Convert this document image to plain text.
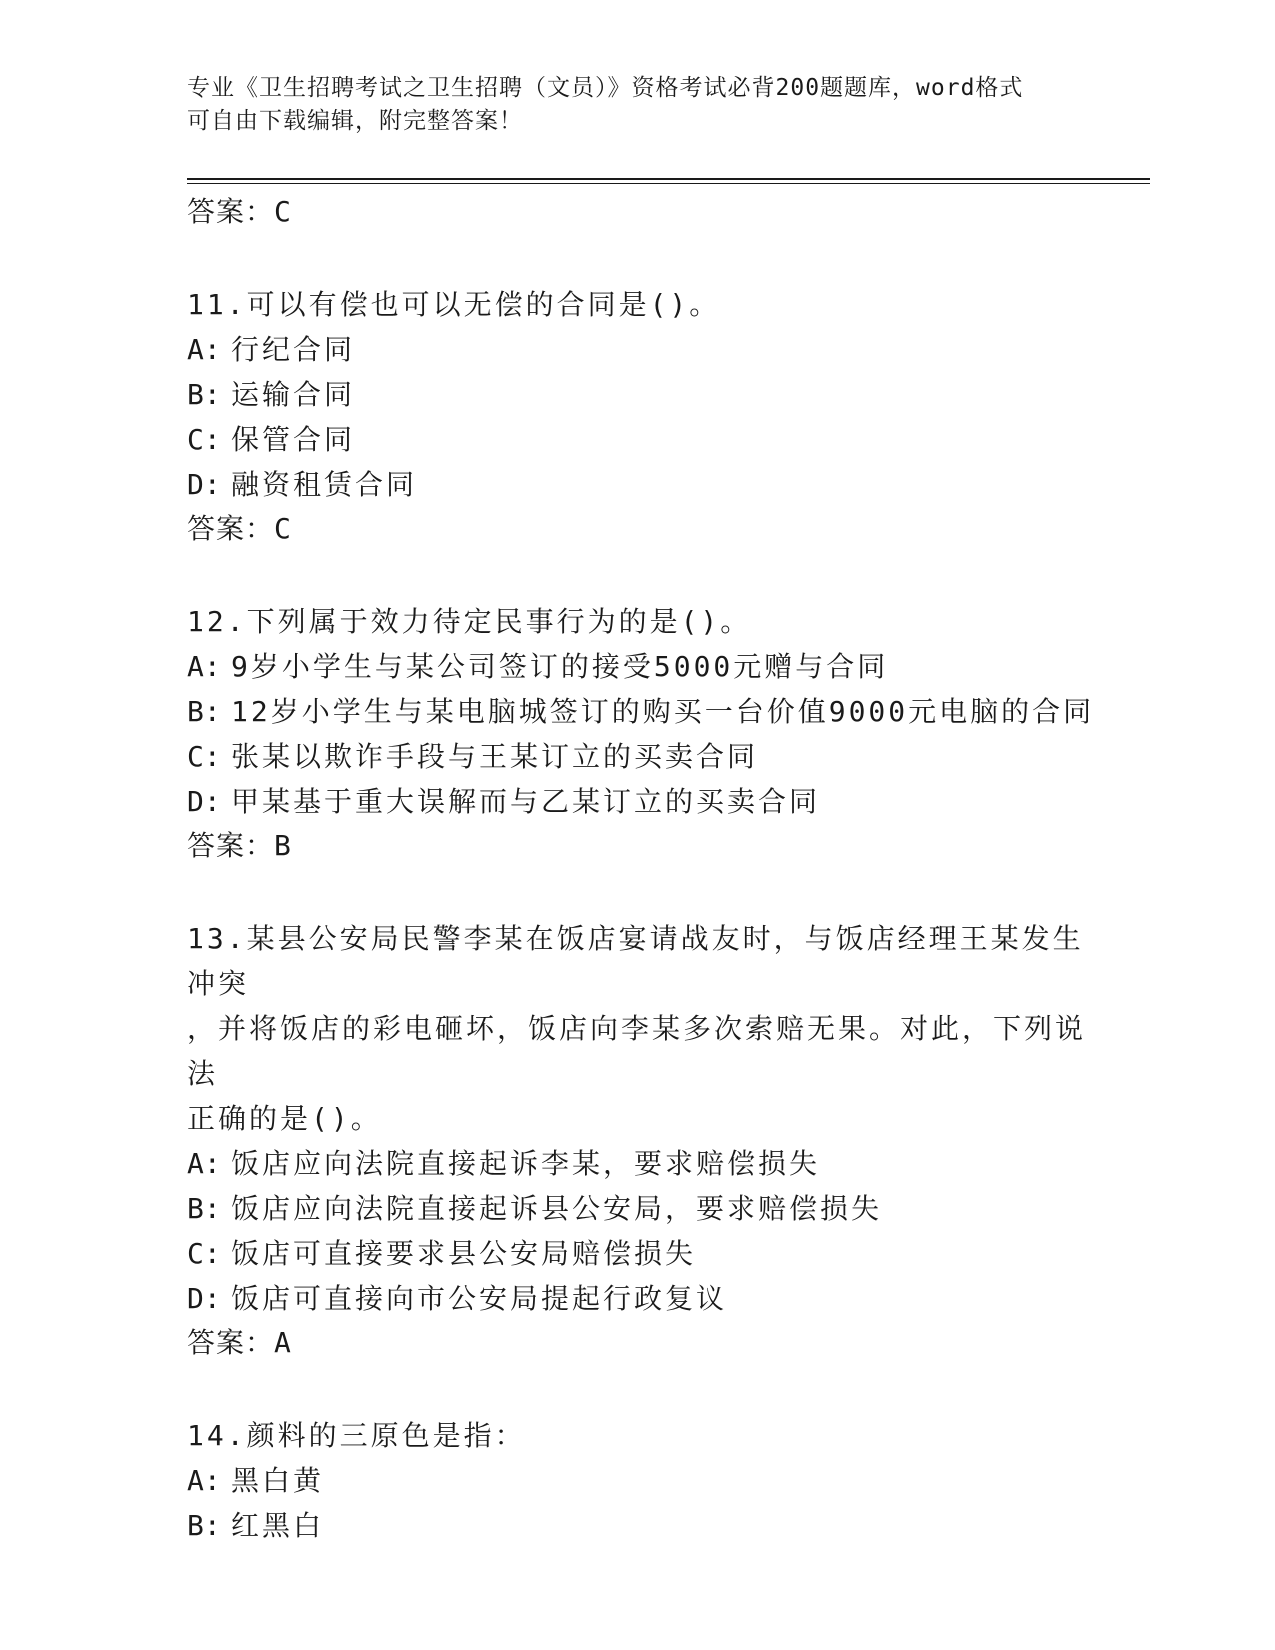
专业《卫生招聘考试之卫生招聘（文员）》资格考试必背200题题库，word格式
可自由下载编辑，附完整答案！
答案：C
11.可以有偿也可以无偿的合同是()。
A: 行纪合同
B: 运输合同
C: 保管合同
D: 融资租赁合同
答案：C
12.下列属于效力待定民事行为的是()。
A: 9岁小学生与某公司签订的接受5000元赠与合同
B: 12岁小学生与某电脑城签订的购买一台价值9000元电脑的合同
C: 张某以欺诈手段与王某订立的买卖合同
D: 甲某基于重大误解而与乙某订立的买卖合同
答案：B
13.某县公安局民警李某在饭店宴请战友时，与饭店经理王某发生冲突
，并将饭店的彩电砸坏，饭店向李某多次索赔无果。对此，下列说法
正确的是()。
A: 饭店应向法院直接起诉李某，要求赔偿损失
B: 饭店应向法院直接起诉县公安局，要求赔偿损失
C: 饭店可直接要求县公安局赔偿损失
D: 饭店可直接向市公安局提起行政复议
答案：A
14.颜料的三原色是指：
A: 黑白黄
B: 红黑白
